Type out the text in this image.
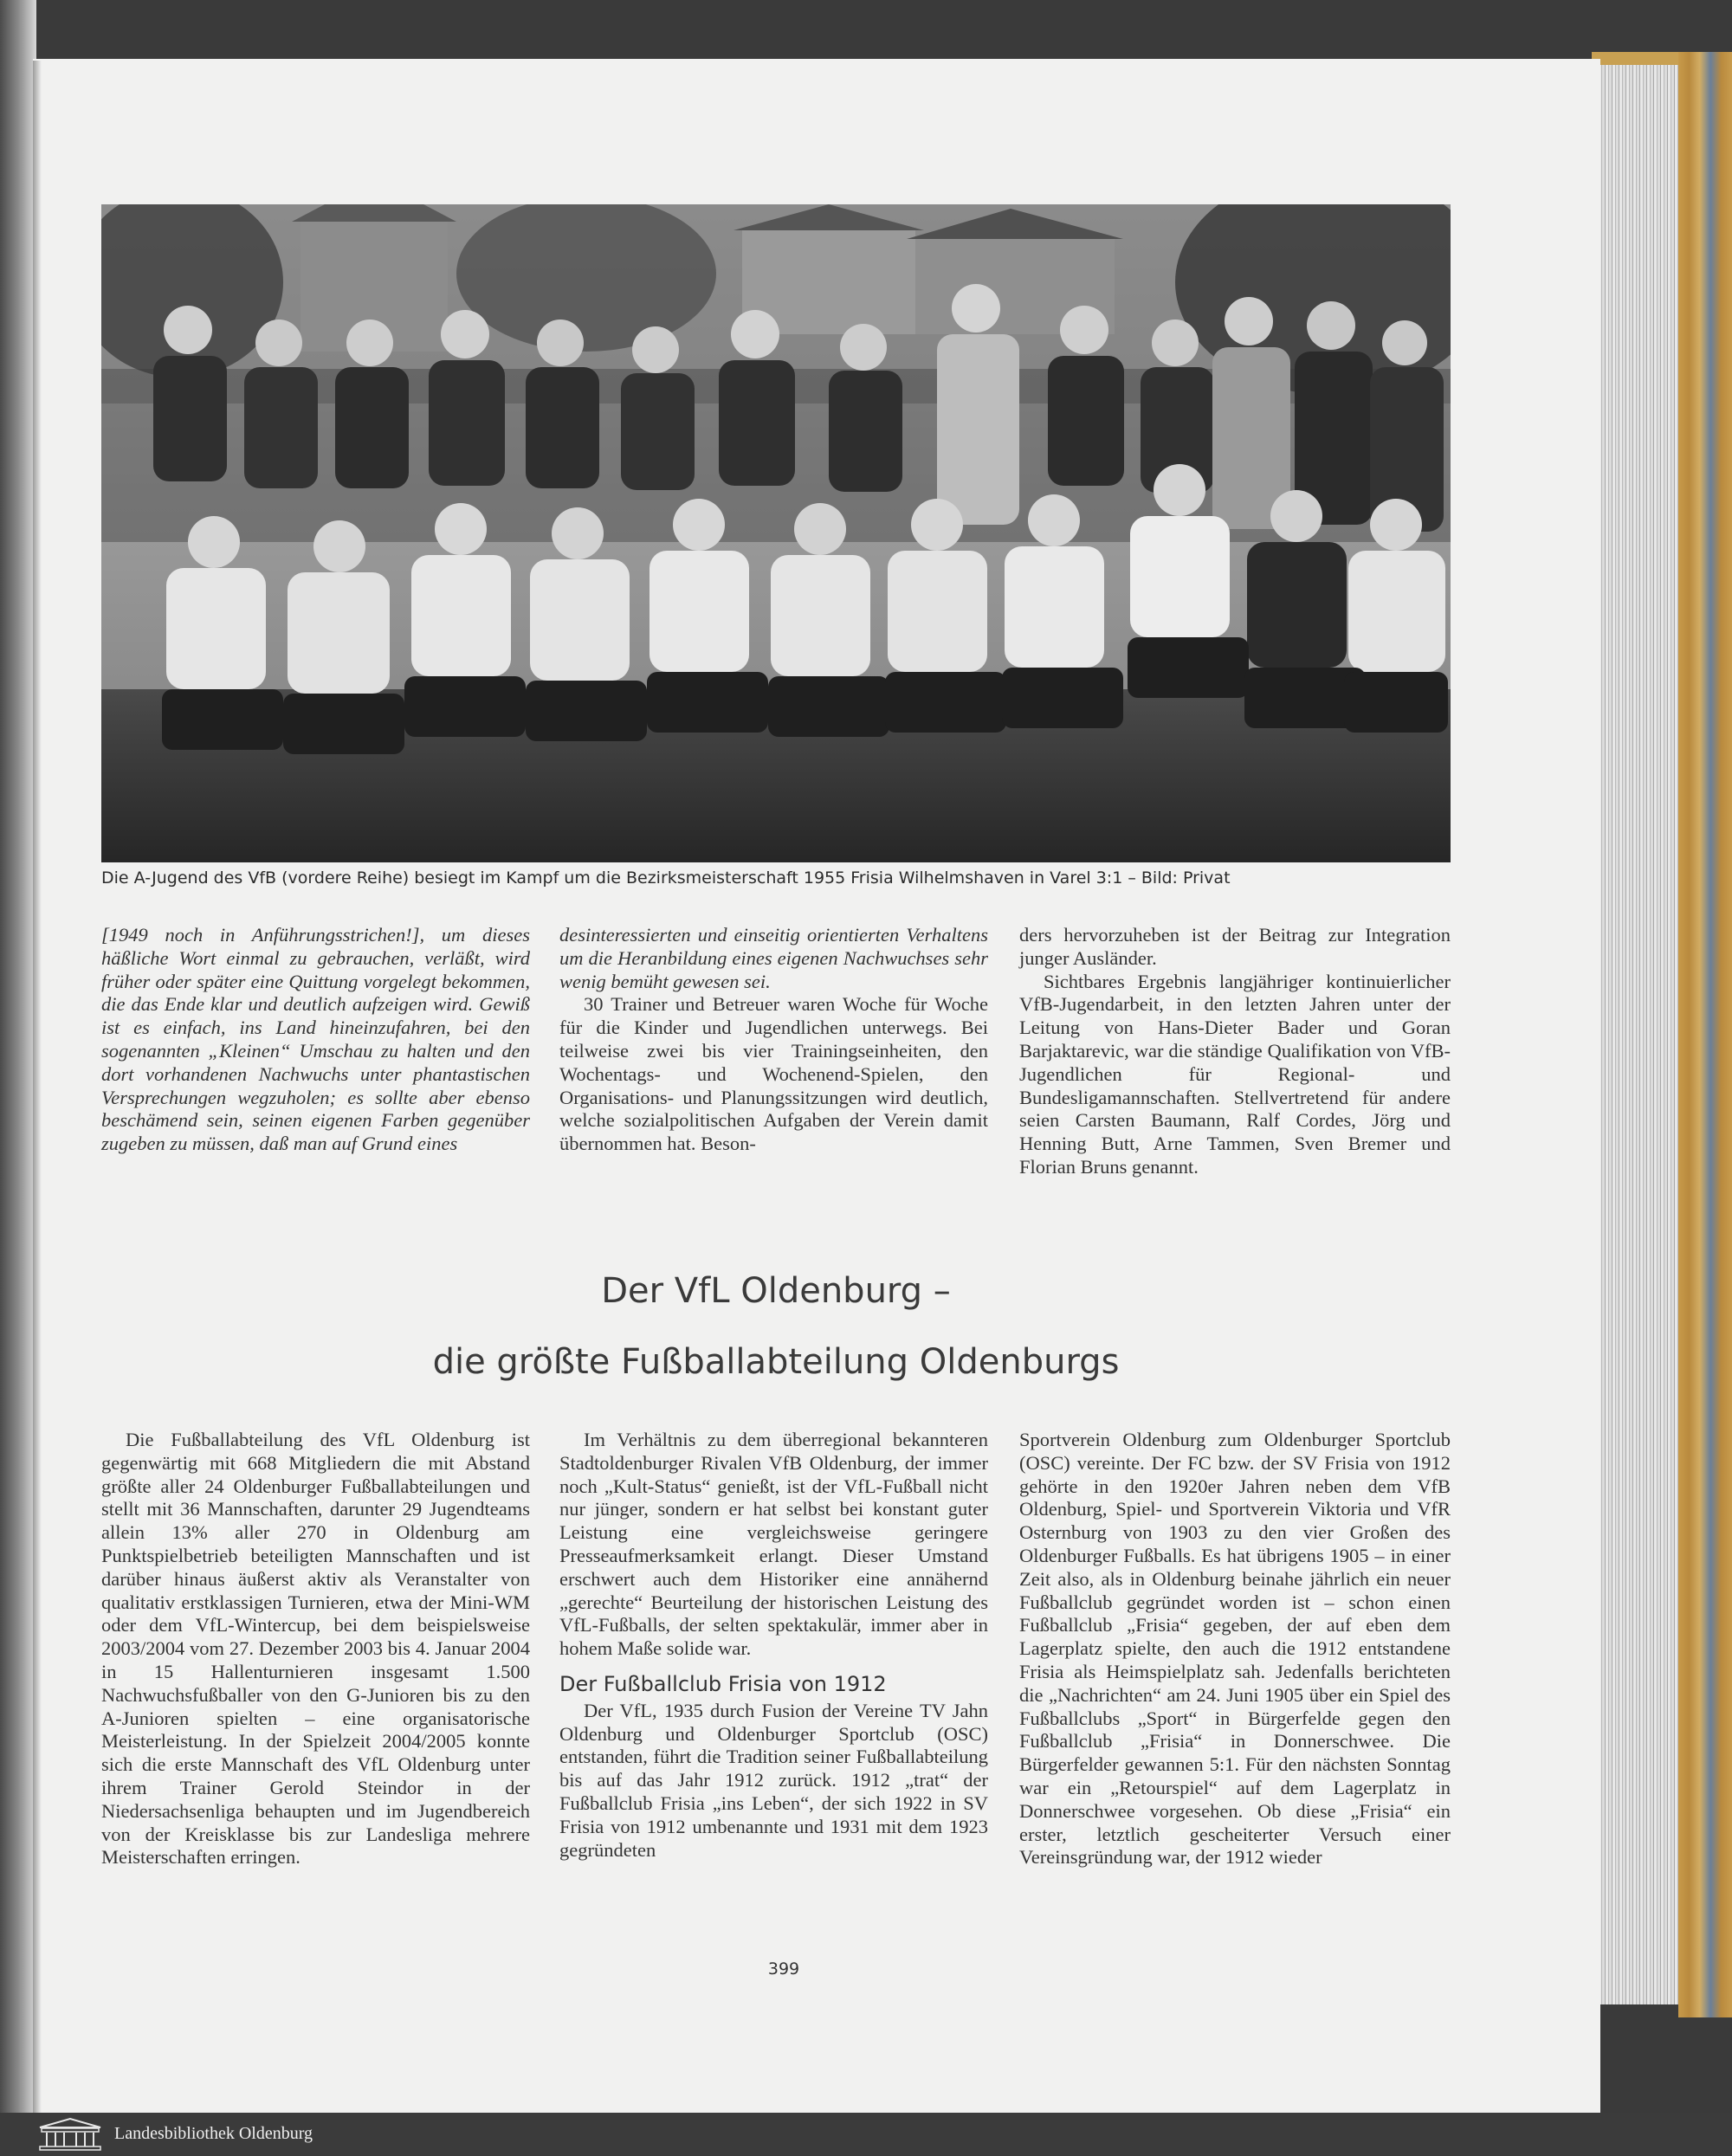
Die A-Jugend des VfB (vordere Reihe) besiegt im Kampf um die Bezirksmeisterschaft 1955 Frisia Wilhelmshaven in Varel 3:1 – Bild: Privat

[1949 noch in Anführungsstrichen!], um dieses häßliche Wort einmal zu gebrauchen, verläßt, wird früher oder später eine Quittung vorgelegt bekommen, die das Ende klar und deutlich aufzeigen wird. Gewiß ist es einfach, ins Land hineinzufahren, bei den sogenannten „Kleinen“ Umschau zu halten und den dort vorhandenen Nachwuchs unter phantastischen Versprechungen wegzuholen; es sollte aber ebenso beschämend sein, seinen eigenen Farben gegenüber zugeben zu müssen, daß man auf Grund eines

desinteressierten und einseitig orientierten Verhaltens um die Heranbildung eines eigenen Nachwuchses sehr wenig bemüht gewesen sei.

30 Trainer und Betreuer waren Woche für Woche für die Kinder und Jugendlichen unterwegs. Bei teilweise zwei bis vier Trainingseinheiten, den Wochentags- und Wochenend-Spielen, den Organisations- und Planungssitzungen wird deutlich, welche sozialpolitischen Aufgaben der Verein damit übernommen hat. Beson-

ders hervorzuheben ist der Beitrag zur Integration junger Ausländer.

Sichtbares Ergebnis langjähriger kontinuierlicher VfB-Jugendarbeit, in den letzten Jahren unter der Leitung von Hans-Dieter Bader und Goran Barjaktarevic, war die ständige Qualifikation von VfB-Jugendlichen für Regional- und Bundesligamannschaften. Stellvertretend für andere seien Carsten Baumann, Ralf Cordes, Jörg und Henning Butt, Arne Tammen, Sven Bremer und Florian Bruns genannt.

Der VfL Oldenburg –
die größte Fußballabteilung Oldenburgs

Die Fußballabteilung des VfL Oldenburg ist gegenwärtig mit 668 Mitgliedern die mit Abstand größte aller 24 Oldenburger Fußballabteilungen und stellt mit 36 Mannschaften, darunter 29 Jugendteams allein 13% aller 270 in Oldenburg am Punktspielbetrieb beteiligten Mannschaften und ist darüber hinaus äußerst aktiv als Veranstalter von qualitativ erstklassigen Turnieren, etwa der Mini-WM oder dem VfL-Wintercup, bei dem beispielsweise 2003/2004 vom 27. Dezember 2003 bis 4. Januar 2004 in 15 Hallenturnieren insgesamt 1.500 Nachwuchsfußballer von den G-Junioren bis zu den A-Junioren spielten – eine organisatorische Meisterleistung. In der Spielzeit 2004/2005 konnte sich die erste Mannschaft des VfL Oldenburg unter ihrem Trainer Gerold Steindor in der Niedersachsenliga behaupten und im Jugendbereich von der Kreisklasse bis zur Landesliga mehrere Meisterschaften erringen.

Im Verhältnis zu dem überregional bekannteren Stadtoldenburger Rivalen VfB Oldenburg, der immer noch „Kult-Status“ genießt, ist der VfL-Fußball nicht nur jünger, sondern er hat selbst bei konstant guter Leistung eine vergleichsweise geringere Presseaufmerksamkeit erlangt. Dieser Umstand erschwert auch dem Historiker eine annähernd „gerechte“ Beurteilung der historischen Leistung des VfL-Fußballs, der selten spektakulär, immer aber in hohem Maße solide war.

Der Fußballclub Frisia von 1912

Der VfL, 1935 durch Fusion der Vereine TV Jahn Oldenburg und Oldenburger Sportclub (OSC) entstanden, führt die Tradition seiner Fußballabteilung bis auf das Jahr 1912 zurück. 1912 „trat“ der Fußballclub Frisia „ins Leben“, der sich 1922 in SV Frisia von 1912 umbenannte und 1931 mit dem 1923 gegründeten

Sportverein Oldenburg zum Oldenburger Sportclub (OSC) vereinte. Der FC bzw. der SV Frisia von 1912 gehörte in den 1920er Jahren neben dem VfB Oldenburg, Spiel- und Sportverein Viktoria und VfR Osternburg von 1903 zu den vier Großen des Oldenburger Fußballs. Es hat übrigens 1905 – in einer Zeit also, als in Oldenburg beinahe jährlich ein neuer Fußballclub gegründet worden ist – schon einen Fußballclub „Frisia“ gegeben, der auf eben dem Lagerplatz spielte, den auch die 1912 entstandene Frisia als Heimspielplatz sah. Jedenfalls berichteten die „Nachrichten“ am 24. Juni 1905 über ein Spiel des Fußballclubs „Sport“ in Bürgerfelde gegen den Fußballclub „Frisia“ in Donnerschwee. Die Bürgerfelder gewannen 5:1. Für den nächsten Sonntag war ein „Retourspiel“ auf dem Lagerplatz in Donnerschwee vorgesehen. Ob diese „Frisia“ ein erster, letztlich gescheiterter Versuch einer Vereinsgründung war, der 1912 wieder

399
Landesbibliothek Oldenburg
